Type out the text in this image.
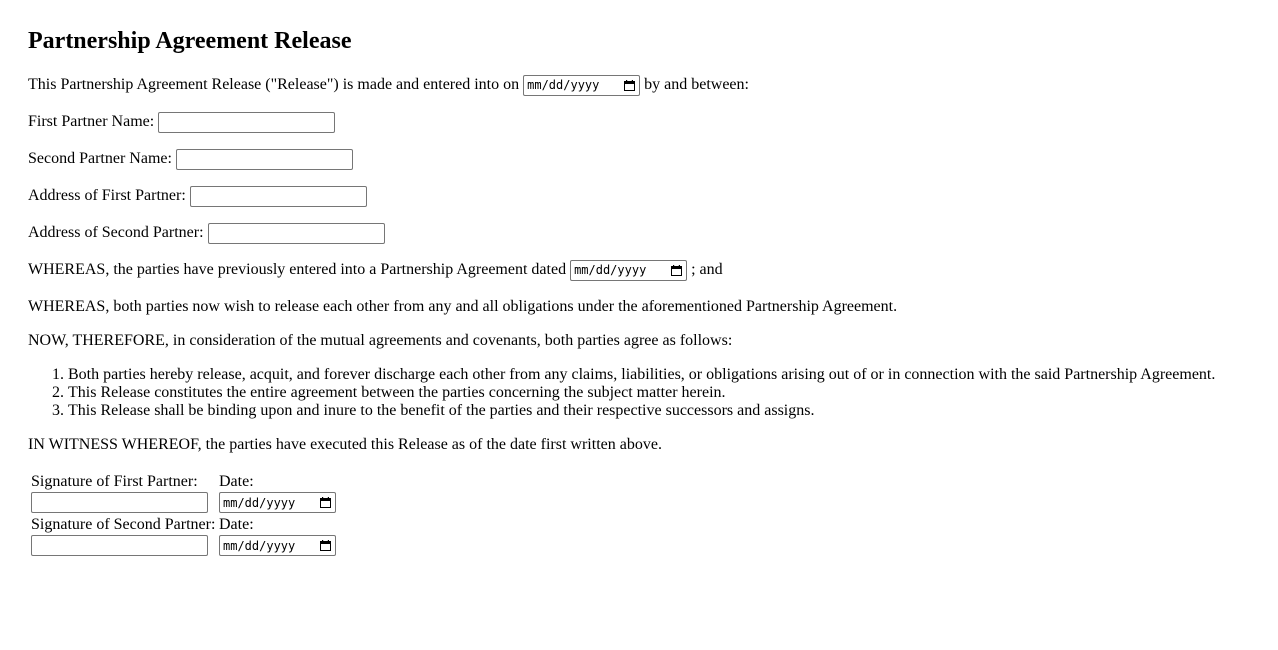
Partnership Agreement Release
This Partnership Agreement Release ("Release") is made and entered into on mm/dd/yyyy	by and between:
First Partner Name:
Second Partner Name:
Address of First Partner:
Address of Second Partner:
WHEREAS, the parties have previously entered into a Partnership Agreement dated mm/dd/yyyy	; and
WHEREAS, both parties now wish to release each other from any and all obligations under the aforementioned Partnership Agreement.
NOW, THEREFORE, in consideration of the mutual agreements and covenants, both parties agree as follows:
1. Both parties hereby release, acquit, and forever discharge each other from any claims, liabilities, or obligations arising out of or in connection with the said Partnership Agreement.
2. This Release constitutes the entire agreement between the parties concerning the subject matter herein.
3. This Release shall be binding upon and inure to the benefit of the parties and their respective successors and assigns.
IN WITNESS WHEREOF, the parties have executed this Release as of the date first written above.
Signature of First Partner: Date:
mm/dd/yyyy
Signature of Second Partner: Date:
mm/dd/yyyy
